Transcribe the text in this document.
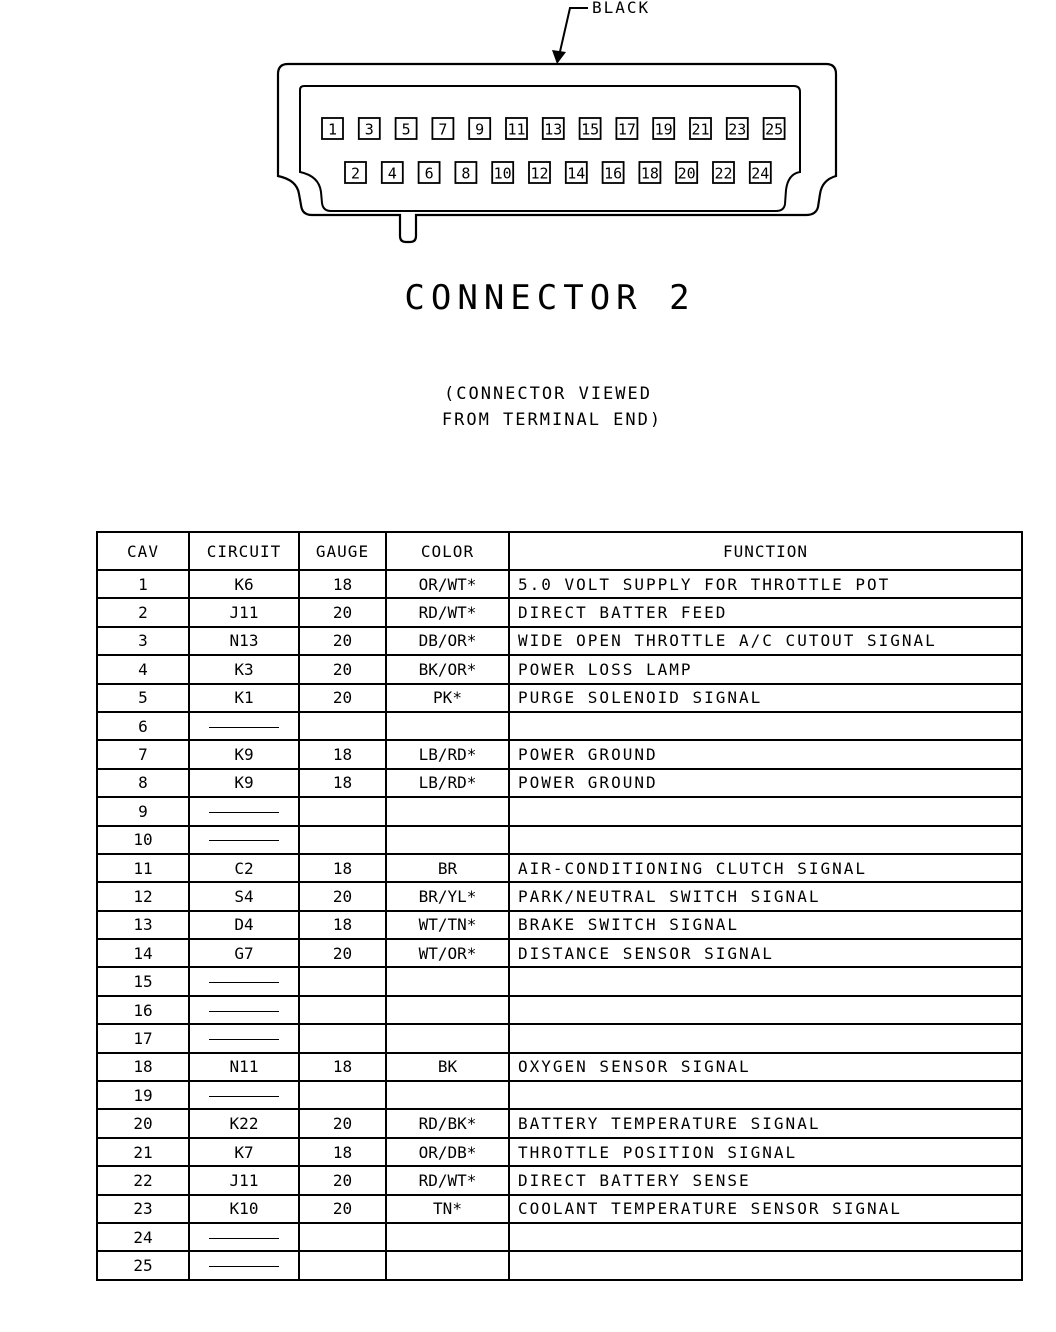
BLACK
1 3 5 7 9 11 13 15 17 19 21 23 25
2 4 6 8 10 12 14 16 18 20 22 24
CONNECTOR 2
(CONNECTOR VIEWED
FROM TERMINAL END)
CAV	CIRCUIT	GAUGE	COLOR	FUNCTION
1	K6	18	OR/WT*	5.0 VOLT SUPPLY FOR THROTTLE POT
2	J11	20	RD/WT*	DIRECT BATTER FEED
3	N13	20	DB/OR*	WIDE OPEN THROTTLE A/C CUTOUT SIGNAL
4	K3	20	BK/OR*	POWER LOSS LAMP
5	K1	20	PK*	PURGE SOLENOID SIGNAL
6				
7	K9	18	LB/RD*	POWER GROUND
8	K9	18	LB/RD*	POWER GROUND
9				
10				
11	C2	18	BR	AIR-CONDITIONING CLUTCH SIGNAL
12	S4	20	BR/YL*	PARK/NEUTRAL SWITCH SIGNAL
13	D4	18	WT/TN*	BRAKE SWITCH SIGNAL
14	G7	20	WT/OR*	DISTANCE SENSOR SIGNAL
15				
16				
17				
18	N11	18	BK	OXYGEN SENSOR SIGNAL
19				
20	K22	20	RD/BK*	BATTERY TEMPERATURE SIGNAL
21	K7	18	OR/DB*	THROTTLE POSITION SIGNAL
22	J11	20	RD/WT*	DIRECT BATTERY SENSE
23	K10	20	TN*	COOLANT TEMPERATURE SENSOR SIGNAL
24				
25				
